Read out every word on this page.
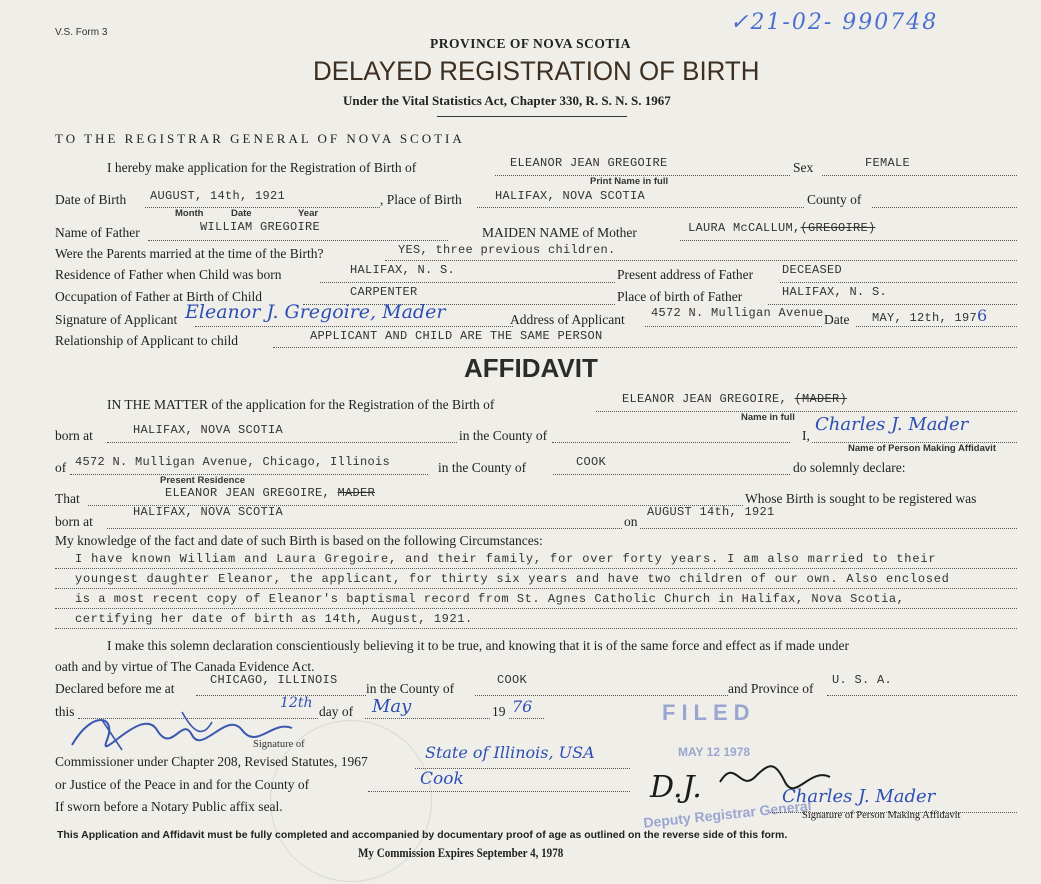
V.S. Form 3	✓21-02- 990748
PROVINCE OF NOVA SCOTIA
DELAYED REGISTRATION OF BIRTH
Under the Vital Statistics Act, Chapter 330, R. S. N. S. 1967
TO THE REGISTRAR GENERAL OF NOVA SCOTIA
I hereby make application for the Registration of Birth of	ELEANOR JEAN GREGOIRE	Sex	FEMALE
Print Name in full
Date of Birth AUGUST, 14th, 1921	, Place of Birth	HALIFAX, NOVA SCOTIA	County of
Month	Date	Year
Name of Father	WILLIAM GREGOIRE	MAIDEN NAME of Mother	LAURA McCALLUM,(GREGOIRE)
Were the Parents married at the time of the Birth?	YES, three previous children.
Residence of Father when Child was born	HALIFAX, N. S.	Present address of Father DECEASED
Occupation of Father at Birth of Child	CARPENTER	Place of birth of Father	HALIFAX, N. S.
Signature of Applicant Eleanor J. Gregoire, Mader	Address of Applicant 4572 N. Mulligan Avenue Date MAY, 12th, 1976
Relationship of Applicant to child	APPLICANT AND CHILD ARE THE SAME PERSON
AFFIDAVIT
IN THE MATTER of the application for the Registration of the Birth of	ELEANOR JEAN GREGOIRE, (MADER)
Name in full
born at	HALIFAX, NOVA SCOTIA	in the County of	I,
Charles J. Mader
Name of Person Making Affidavit
of 4572 N. Mulligan Avenue, Chicago, Illinois	in the County of	COOK	do solemnly declare:
Present Residence
That	ELEANOR JEAN GREGOIRE, MADER	Whose Birth is sought to be registered was
born at
HALIFAX, NOVA SCOTIA
on
AUGUST 14th, 1921
My knowledge of the fact and date of such Birth is based on the following Circumstances:
I have known William and Laura Gregoire, and their family, for over forty years. I am also married to their
youngest daughter Eleanor, the applicant, for thirty six years and have two children of our own. Also enclosed
is a most recent copy of Eleanor's baptismal record from St. Agnes Catholic Church in Halifax, Nova Scotia,
certifying her date of birth as 14th, August, 1921.
I make this solemn declaration conscientiously believing it to be true, and knowing that it is of the same force and effect as if made under
oath and by virtue of The Canada Evidence Act.
Declared before me at
CHICAGO, ILLINOIS
in the County of
COOK
and Province of
U. S. A.
this
12th
day of May	19 76
Signature of
Commissioner under Chapter 208, Revised Statutes, 1967	State of Illinois, USA
or Justice of the Peace in and for the County of	Cook
If sworn before a Notary Public affix seal.
FILED
MAY 12 1978
Deputy Registrar General
D.J.	Charles J. Mader
Signature of Person Making Affidavit
This Application and Affidavit must be fully completed and accompanied by documentary proof of age as outlined on the reverse side of this form.
My Commission Expires September 4, 1978
